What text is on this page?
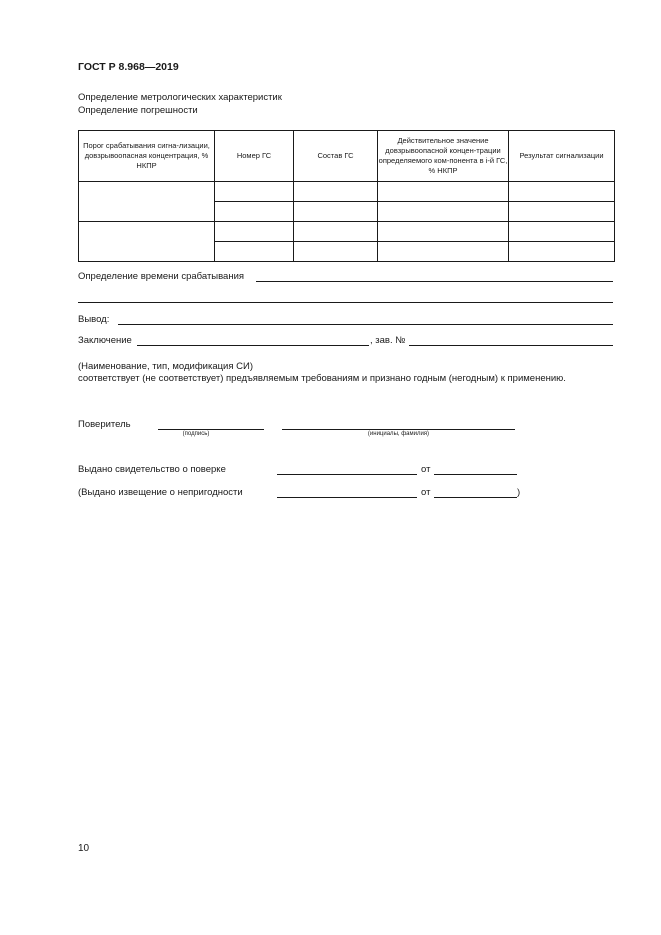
ГОСТ Р 8.968—2019
Определение метрологических характеристик
Определение погрешности
Порог срабатывания сигна-лизации, довзрывоопасная концентрация, % НКПР	Номер ГС	Состав ГС	Действительное значение довзрывоопасной концен-трации определяемого ком-понента в i-й ГС, % НКПР	Результат сигнализации

Определение времени срабатывания
Вывод:
Заключение	, зав. №
(Наименование, тип, модификация СИ)
соответствует (не соответствует) предъявляемым требованиям и признано годным (негодным) к применению.
Поверитель
(подпись)	(инициалы, фамилия)
Выдано свидетельство о поверке	от
(Выдано извещение о непригодности	от	)
10
